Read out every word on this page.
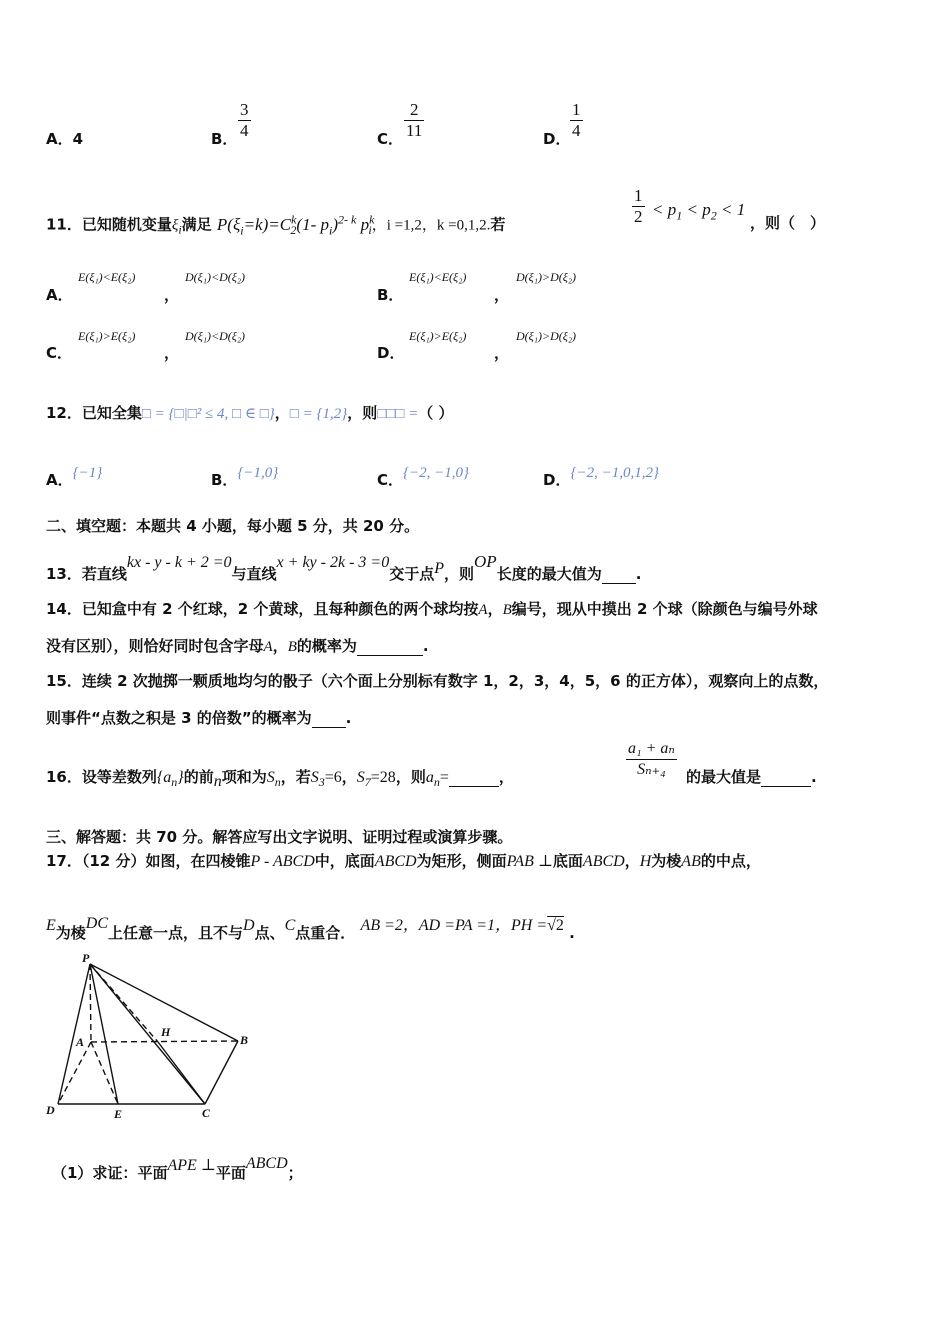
A．4	B． $\frac{3}{4}$	C． $\frac{2}{11}$	D． $\frac{1}{4}$
11．已知随机变量$\xi_i$满足 $P(\xi_i=k)=C^k_2(1-$ $p_i)^{2- k}$ $p^k_i$，i =1,2，k =0,1,2.若	$\frac{1}{2} < p_1 < p_2 < 1$
，则（　）
A．
E(ξ₁)<E(ξ₂)
，
D(ξ₁)<D(ξ₂)
B．
E(ξ₁)<E(ξ₂)
，
D(ξ₁)>D(ξ₂)
C．
E(ξ₁)>E(ξ₂)
，
D(ξ₁)<D(ξ₂)
D．
E(ξ₁)>E(ξ₂)
，
D(ξ₁)>D(ξ₂)
12．已知全集□ = {□|□² ≤ 4, □ ∈ □}，□ = {1,2}，则□□□ =（ ）
A．{−1}	B．{−1,0}	C．{−2, −1,0}	D．{−2, −1,0,1,2}
二、填空题：本题共 4 小题，每小题 5 分，共 20 分。
13．若直线kx - y - k + 2 =0与直线x + ky - 2k - 3 =0交于点P，则OP长度的最大值为 .
14．已知盒中有 2 个红球，2 个黄球，且每种颜色的两个球均按A，B编号，现从中摸出 2 个球（除颜色与编号外球
没有区别），则恰好同时包含字母A，B的概率为	.
15．连续 2 次抛掷一颗质地均匀的骰子（六个面上分别标有数字 1，2，3，4，5，6 的正方体），观察向上的点数，
则事件“点数之积是 3 的倍数”的概率为 .
16．设等差数列$\{a_n\}$的前n项和为$S_n$，若$S_3=6$，$S_7=28$，则$a_n=$	，	$\frac{\text{a₁ + aₙ}}{\text{Sₙ₊₄}}$ 的最大值是	.
三、解答题：共 70 分。解答应写出文字说明、证明过程或演算步骤。
17．（12 分）如图，在四棱锥P - ABCD中，底面ABCD为矩形，侧面PAB ⊥底面ABCD，H为棱AB的中点，
E为棱DC上任意一点，且不与D点、C点重合． AB =2，AD =PA =1，PH =√2 .
P
A
H
B
D	E	C
（1）求证：平面APE ⊥平面ABCD；
